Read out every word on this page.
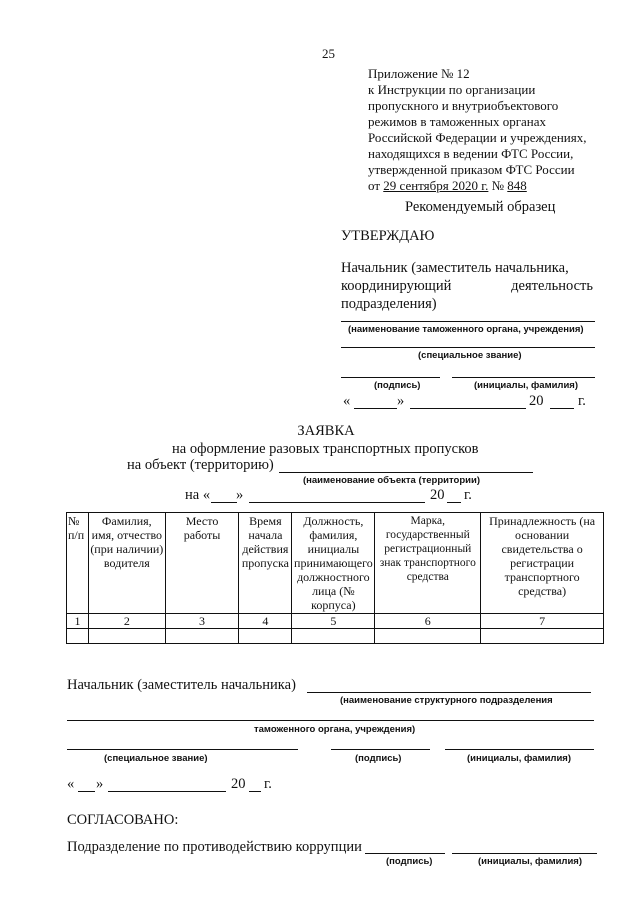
25
Приложение № 12
к Инструкции по организации
пропускного и внутриобъектового
режимов в таможенных органах
Российской Федерации и учреждениях,
находящихся в ведении ФТС России,
утвержденной приказом ФТС России
от 29 сентября 2020 г. № 848
Рекомендуемый образец
УТВЕРЖДАЮ
Начальник (заместитель начальника,
координирующий	деятельность
подразделения)
(наименование таможенного органа, учреждения)
(специальное звание)
(подпись)	(инициалы, фамилия)
«	»	20 г.
ЗАЯВКА
на оформление разовых транспортных пропусков
на объект (территорию)
(наименование объекта (территории)
на « »	20 г.
№ п/п	Фамилия, имя, отчество (при наличии) водителя	Место работы	Время начала действия пропуска	Должность, фамилия, инициалы принимающего должностного лица (№ корпуса)	Марка, государственный регистрационный знак транспортного средства	Принадлежность (на основании свидетельства о регистрации транспортного средства)
1	2	3	4	5	6	7

Начальник (заместитель начальника)
(наименование структурного подразделения
таможенного органа, учреждения)
(специальное звание)	(подпись)	(инициалы, фамилия)
« »	20 г.
СОГЛАСОВАНО:
Подразделение по противодействию коррупции
(подпись)	(инициалы, фамилия)
